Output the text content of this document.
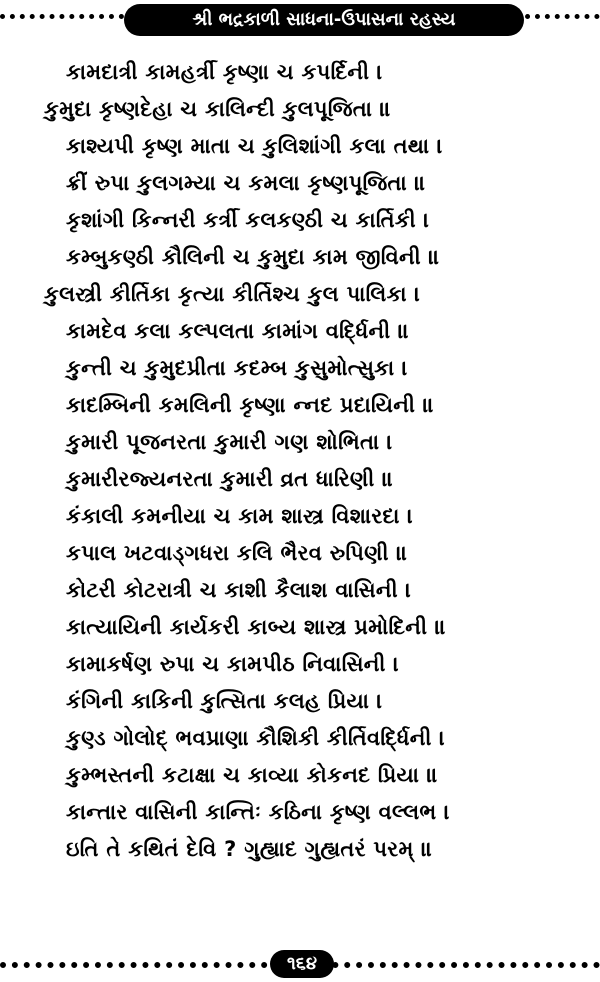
શ્રી ભદ્રકાળી સાધના-ઉપાસના રહસ્ય
કામદાત્રી કામહર્ત્રી કૃષ્ણા ચ કપર્દિની ।
કુમુદા કૃષ્ણદેહા ચ કાલિન્દી કુલપૂજિતા ॥
કાશ્યપી કૃષ્ણ માતા ચ કુલિશાંગી કલા તથા ।
ક્રીં રુપા કુલગમ્યા ચ કમલા કૃષ્ણપૂજિતા ॥
કૃશાંગી કિન્નરી કર્ત્રી કલકણ્ઠી ચ કાર્તિકી ।
કમ્બુકણ્ઠી કૌલિની ચ કુમુદા કામ જીવિની ॥
કુલસ્ત્રી કીર્તિકા કૃત્યા કીર્તિશ્ચ કુલ પાલિકા ।
કામદેવ કલા કલ્પલતા કામાંગ વર્દ્ધિની ॥
કુન્તી ચ કુમુદપ્રીતા કદમ્બ કુસુમોત્સુકા ।
કાદમ્બિની કમલિની કૃષ્ણા ન્નદ પ્રદાયિની ॥
કુમારી પૂજનરતા કુમારી ગણ શોભિતા ।
કુમારીરજ્યનરતા કુમારી વ્રત ધારિણી ॥
કંકાલી કમનીયા ચ કામ શાસ્ત્ર વિશારદા ।
કપાલ ખટવાડ્ગધરા કલિ ભૈરવ રુપિણી ॥
કોટરી કોટરાત્રી ચ કાશી કૈલાશ વાસિની ।
કાત્યાયિની કાર્યકરી કાબ્ય શાસ્ત્ર પ્રમોદિની ॥
કામાકર્ષણ રુપા ચ કામપીઠ નિવાસિની ।
કંગિની કાકિની કુત્સિતા કલહ પ્રિયા ।
કુણ્ડ ગોલોદ્ ભવપ્રાણા કૌશિકી કીર્તિવર્દ્ધિની ।
કુમ્ભસ્તની કટાક્ષા ચ કાવ્યા કોકનદ પ્રિયા ॥
કાન્તાર વાસિની કાન્તિઃ કઠિના કૃષ્ણ વલ્લભ ।
ઇતિ તે કથિતં દેવિ ? ગુહ્યાદ ગુહ્યતરં પરમ્ ॥
૧૬૪
